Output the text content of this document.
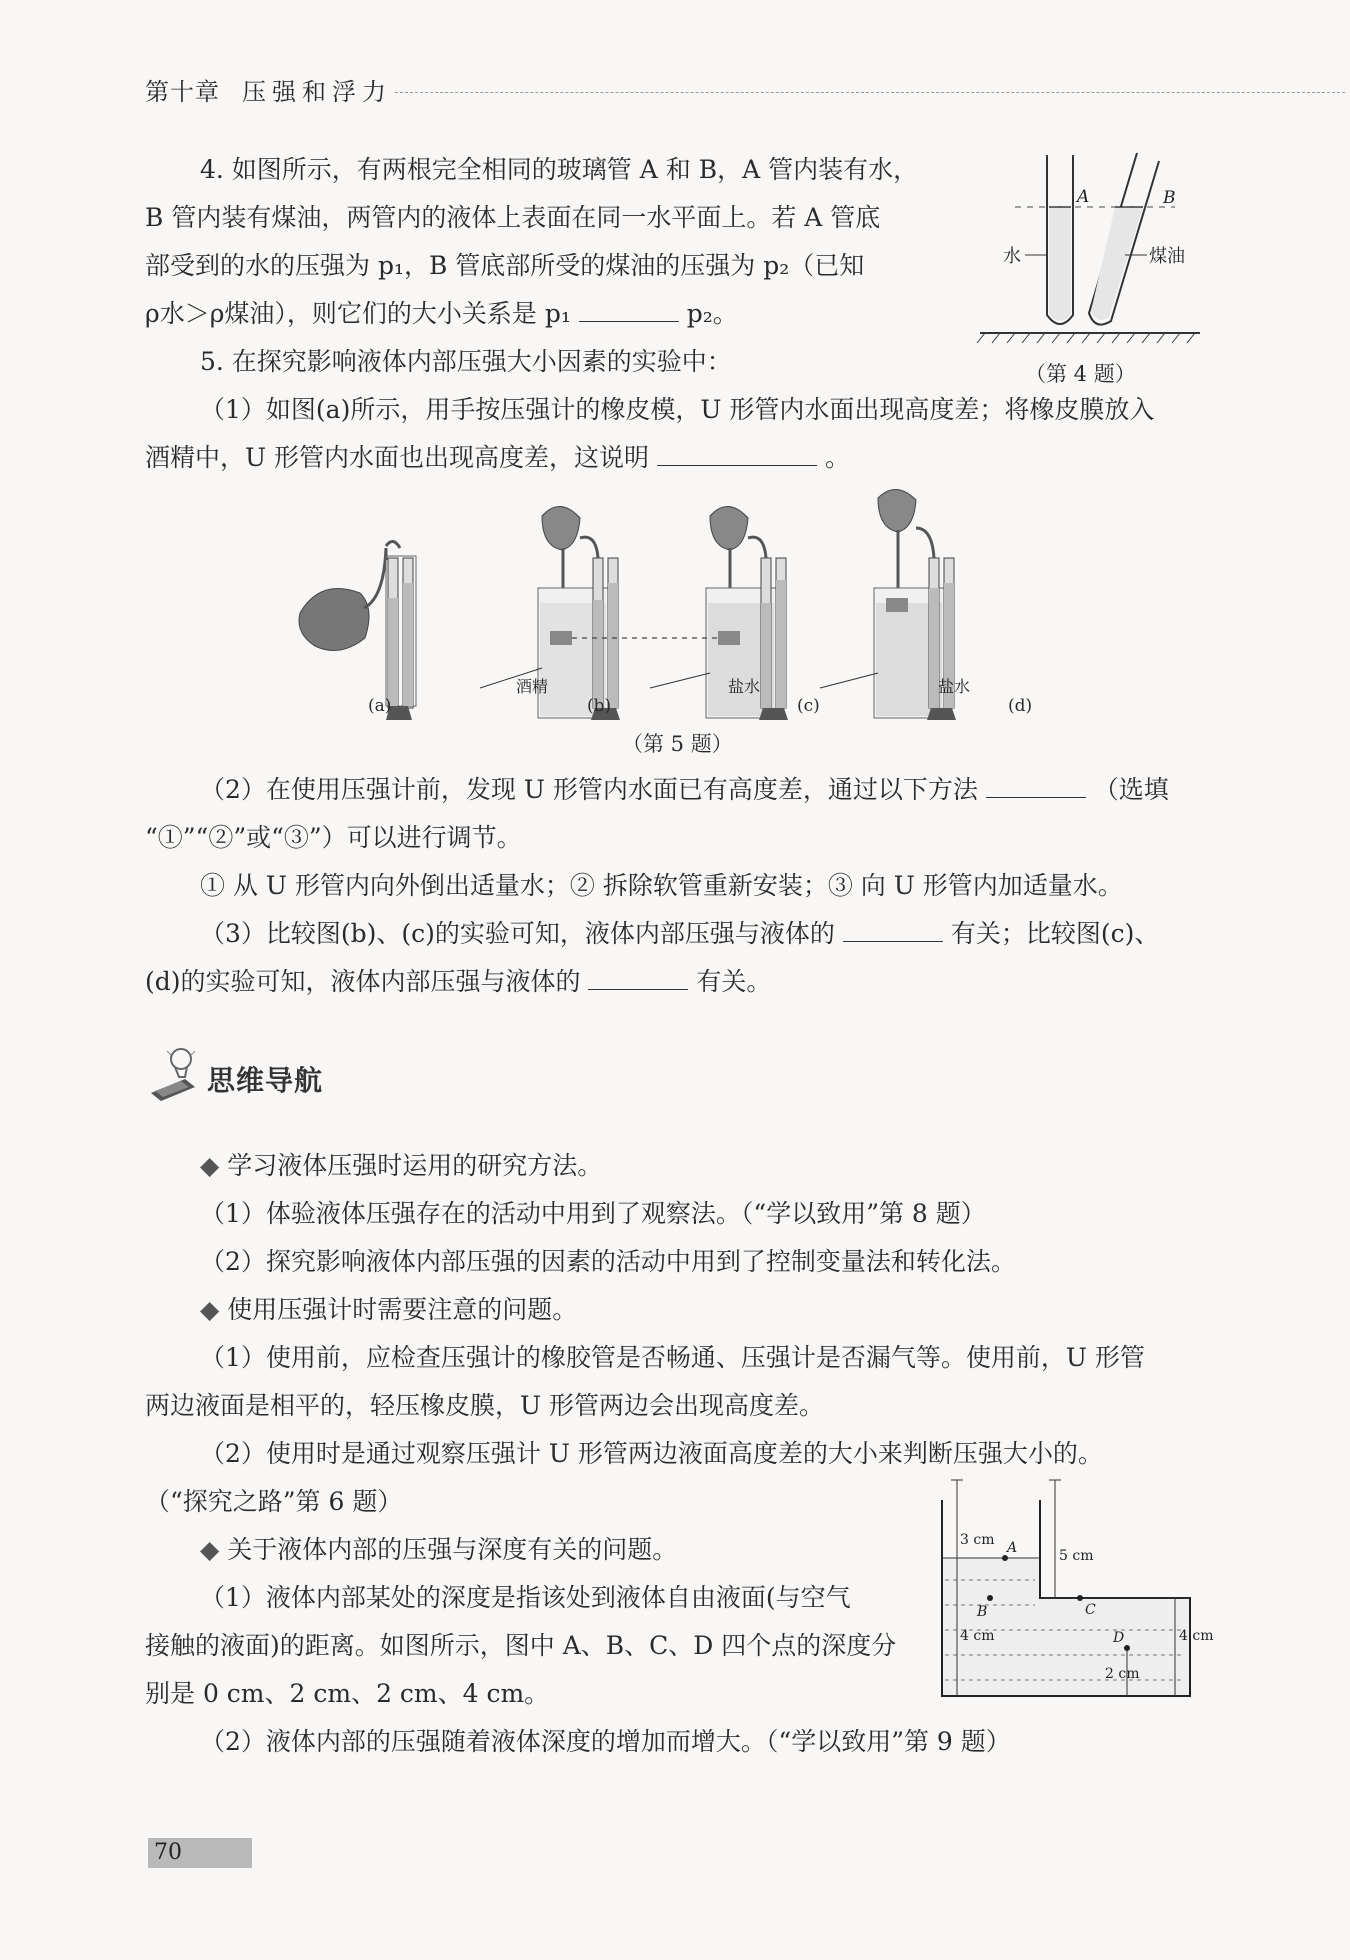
第十章 压强和浮力
4. 如图所示，有两根完全相同的玻璃管 A 和 B，A 管内装有水，
B 管内装有煤油，两管内的液体上表面在同一水平面上。若 A 管底
部受到的水的压强为 p₁，B 管底部所受的煤油的压强为 p₂（已知
ρ水＞ρ煤油），则它们的大小关系是 p₁	p₂。
A	B
水	煤油
（第 4 题）
5. 在探究影响液体内部压强大小因素的实验中：
（1）如图(a)所示，用手按压强计的橡皮模，U 形管内水面出现高度差；将橡皮膜放入
酒精中，U 形管内水面也出现高度差，这说明	。
酒精	盐水	盐水
(a)	(b)	(c)	(d)
（第 5 题）
（2）在使用压强计前，发现 U 形管内水面已有高度差，通过以下方法	（选填
“①”“②”或“③”）可以进行调节。
① 从 U 形管内向外倒出适量水；② 拆除软管重新安装；③ 向 U 形管内加适量水。
（3）比较图(b)、(c)的实验可知，液体内部压强与液体的	有关；比较图(c)、
(d)的实验可知，液体内部压强与液体的	有关。
思维导航
◆ 学习液体压强时运用的研究方法。
（1）体验液体压强存在的活动中用到了观察法。（“学以致用”第 8 题）
（2）探究影响液体内部压强的因素的活动中用到了控制变量法和转化法。
◆ 使用压强计时需要注意的问题。
（1）使用前，应检查压强计的橡胶管是否畅通、压强计是否漏气等。使用前，U 形管
两边液面是相平的，轻压橡皮膜，U 形管两边会出现高度差。
（2）使用时是通过观察压强计 U 形管两边液面高度差的大小来判断压强大小的。
（“探究之路”第 6 题）
◆ 关于液体内部的压强与深度有关的问题。
（1）液体内部某处的深度是指该处到液体自由液面(与空气
接触的液面)的距离。如图所示，图中 A、B、C、D 四个点的深度分
别是 0 cm、2 cm、2 cm、4 cm。
（2）液体内部的压强随着液体深度的增加而增大。（“学以致用”第 9 题）
3 cm
5 cm
4 cm	4 cm
2 cm
A
B	C
D
70
